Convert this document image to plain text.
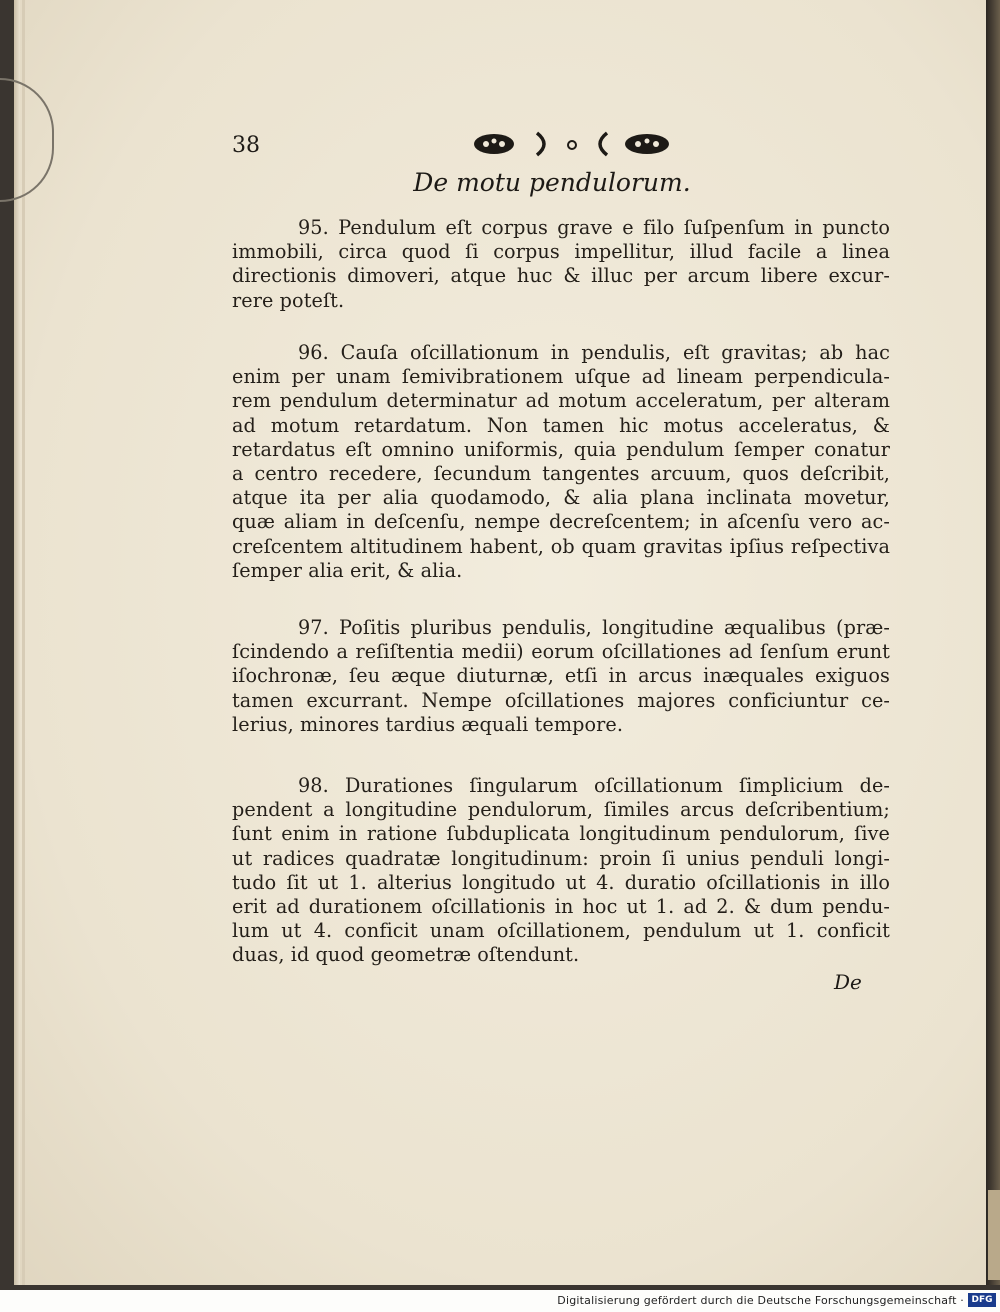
38
De motu pendulorum.
95. Pendulum eſt corpus grave e filo ſuſpenſum in puncto
immobili, circa quod ſi corpus impellitur, illud facile a linea
directionis dimoveri, atque huc & illuc per arcum libere excur-
rere poteſt.
96. Cauſa oſcillationum in pendulis, eſt gravitas; ab hac
enim per unam ſemivibrationem uſque ad lineam perpendicula-
rem pendulum determinatur ad motum acceleratum, per alteram
ad motum retardatum. Non tamen hic motus acceleratus, &
retardatus eſt omnino uniformis, quia pendulum ſemper conatur
a centro recedere, ſecundum tangentes arcuum, quos deſcribit,
atque ita per alia quodamodo, & alia plana inclinata movetur,
quæ aliam in deſcenſu, nempe decreſcentem; in aſcenſu vero ac-
creſcentem altitudinem habent, ob quam gravitas ipſius reſpectiva
ſemper alia erit, & alia.
97. Poſitis pluribus pendulis, longitudine æqualibus (præ-
ſcindendo a reſiſtentia medii) eorum oſcillationes ad ſenſum erunt
iſochronæ, ſeu æque diuturnæ, etſi in arcus inæquales exiguos
tamen excurrant. Nempe oſcillationes majores conficiuntur ce-
lerius, minores tardius æquali tempore.
98. Durationes ſingularum oſcillationum ſimplicium de-
pendent a longitudine pendulorum, ſimiles arcus deſcribentium;
ſunt enim in ratione ſubduplicata longitudinum pendulorum, ſive
ut radices quadratæ longitudinum: proin ſi unius penduli longi-
tudo ſit ut 1. alterius longitudo ut 4. duratio oſcillationis in illo
erit ad durationem oſcillationis in hoc ut 1. ad 2. & dum pendu-
lum ut 4. conficit unam oſcillationem, pendulum ut 1. conficit
duas, id quod geometræ oſtendunt.
De
Digitalisierung gefördert durch die Deutsche Forschungsgemeinschaft · DFG
